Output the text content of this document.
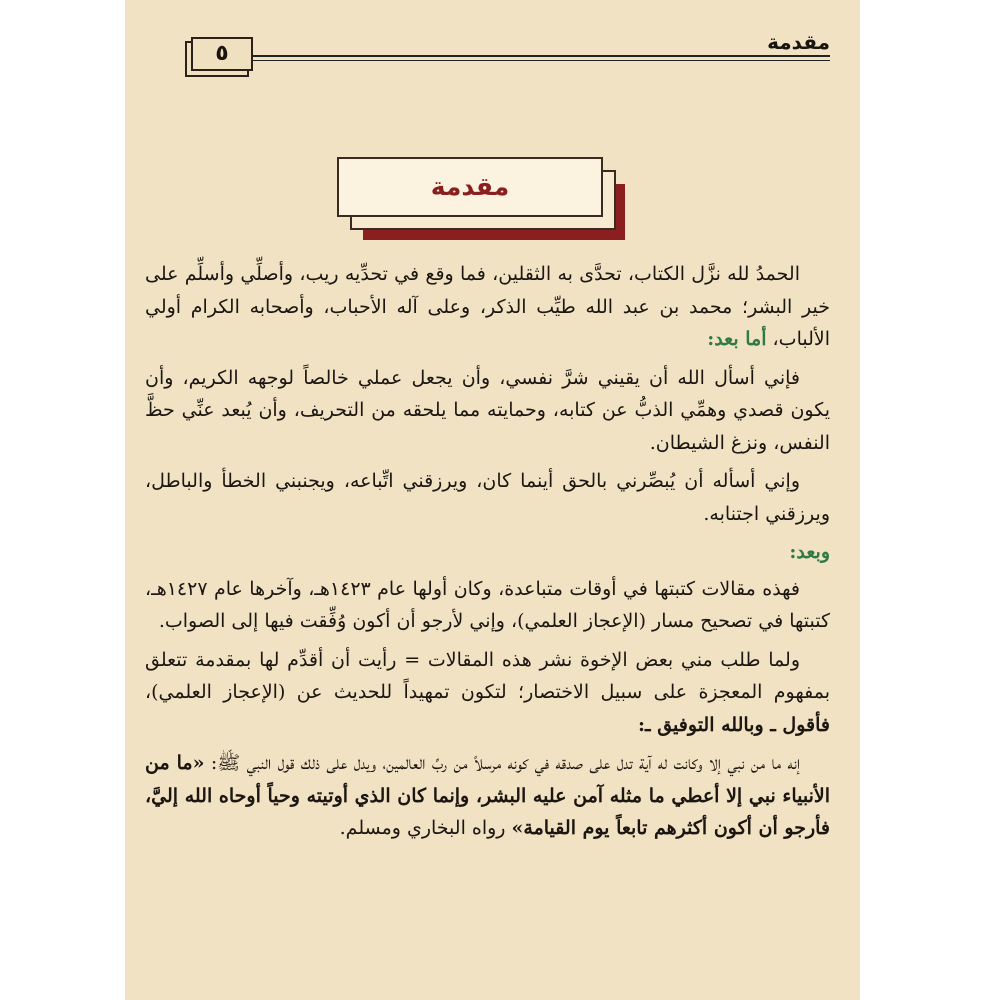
مقدمة
٥
مقدمة

الحمدُ لله نزَّل الكتاب، تحدَّى به الثقلين، فما وقع في تحدِّيه ريب، وأصلِّي وأسلِّم على خير البشر؛ محمد بن عبد الله طيِّب الذكر، وعلى آله الأحباب، وأصحابه الكرام أولي الألباب، أما بعد:

فإني أسأل الله أن يقيني شرَّ نفسي، وأن يجعل عملي خالصاً لوجهه الكريم، وأن يكون قصدي وهمِّي الذبُّ عن كتابه، وحمايته مما يلحقه من التحريف، وأن يُبعد عنِّي حظَّ النفس، ونزغ الشيطان.

وإني أسأله أن يُبصِّرني بالحق أينما كان، ويرزقني اتِّباعه، ويجنبني الخطأ والباطل، ويرزقني اجتنابه.

وبعد:

فهذه مقالات كتبتها في أوقات متباعدة، وكان أولها عام ١٤٢٣هـ، وآخرها عام ١٤٢٧هـ، كتبتها في تصحيح مسار (الإعجاز العلمي)، وإني لأرجو أن أكون وُفِّقت فيها إلى الصواب.

ولما طلب مني بعض الإخوة نشر هذه المقالات = رأيت أن أقدِّم لها بمقدمة تتعلق بمفهوم المعجزة على سبيل الاختصار؛ لتكون تمهيداً للحديث عن (الإعجاز العلمي)، فأقول ـ وبالله التوفيق ـ:

إنه ما من نبي إلا وكانت له آية تدل على صدقه في كونه مرسلاً من ربِّ العالمين، ويدل على ذلك قول النبي ﷺ: «ما من الأنبياء نبي إلا أعطي ما مثله آمن عليه البشر، وإنما كان الذي أوتيته وحياً أوحاه الله إليَّ، فأرجو أن أكون أكثرهم تابعاً يوم القيامة» رواه البخاري ومسلم.
